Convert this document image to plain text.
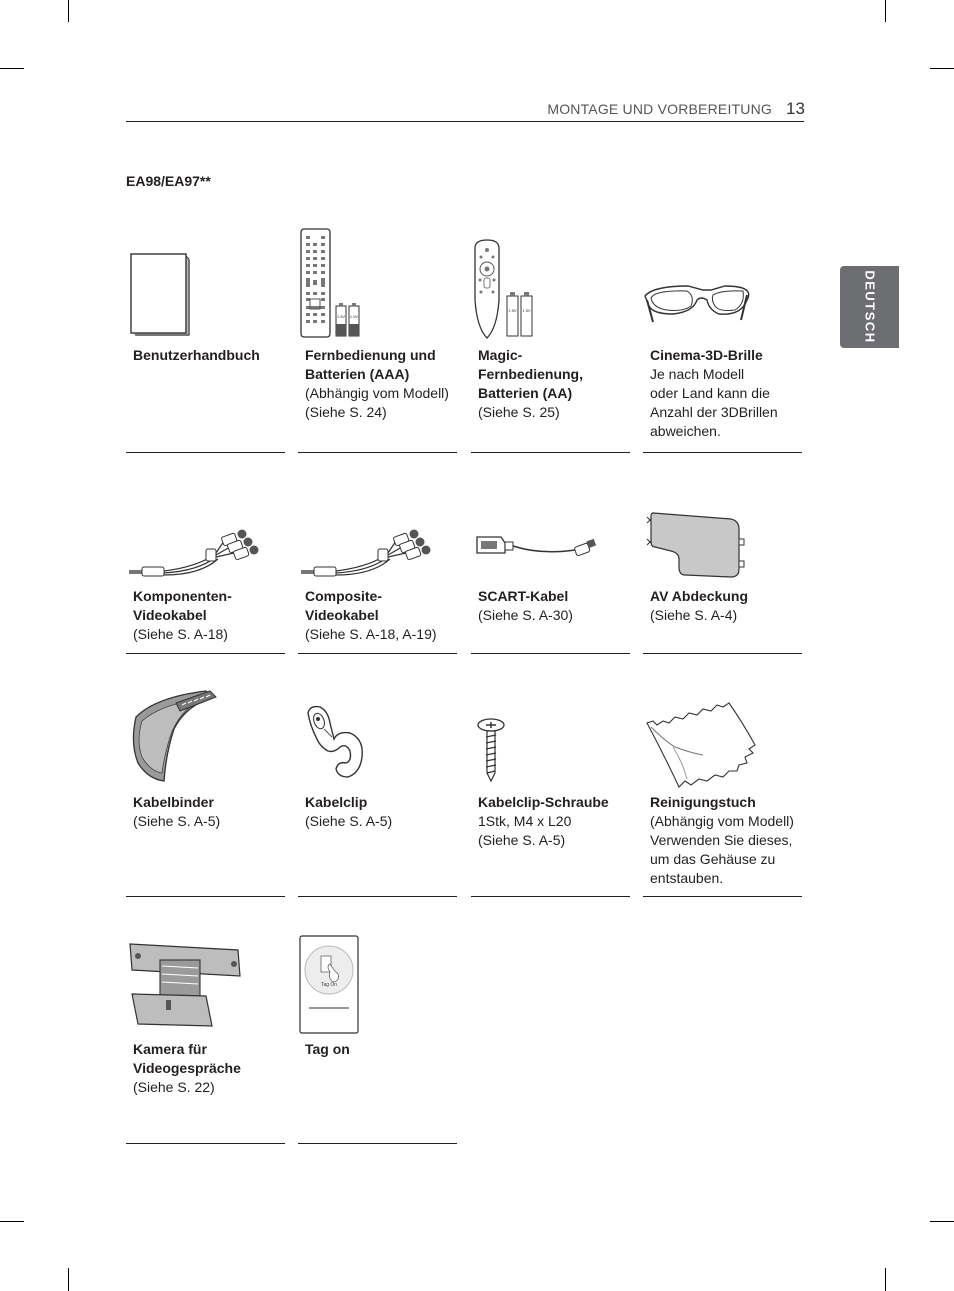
MONTAGE UND VORBEREITUNG 13
DEUTSCH
EA98/EA97**
Benutzerhandbuch
1.5V 1.5V
Fernbedienung und Batterien (AAA)
(Abhängig vom Modell)
(Siehe S. 24)
1.5V 1.5V
Magic-
Fernbedienung,
Batterien (AA)
(Siehe S. 25)
Cinema-3D-Brille
Je nach Modell
oder Land kann die
Anzahl der 3DBrillen
abweichen.
Komponenten-
Videokabel
(Siehe S. A-18)
Composite-
Videokabel
(Siehe S. A-18, A-19)
SCART-Kabel
(Siehe S. A-30)
AV Abdeckung
(Siehe S. A-4)
Kabelbinder
(Siehe S. A-5)
Kabelclip
(Siehe S. A-5)
Kabelclip-Schraube
1Stk, M4 x L20
(Siehe S. A-5)
Reinigungstuch
(Abhängig vom Modell)
Verwenden Sie dieses,
um das Gehäuse zu
entstauben.
Kamera für
Videogespräche
(Siehe S. 22)
Tag On
Tag on
